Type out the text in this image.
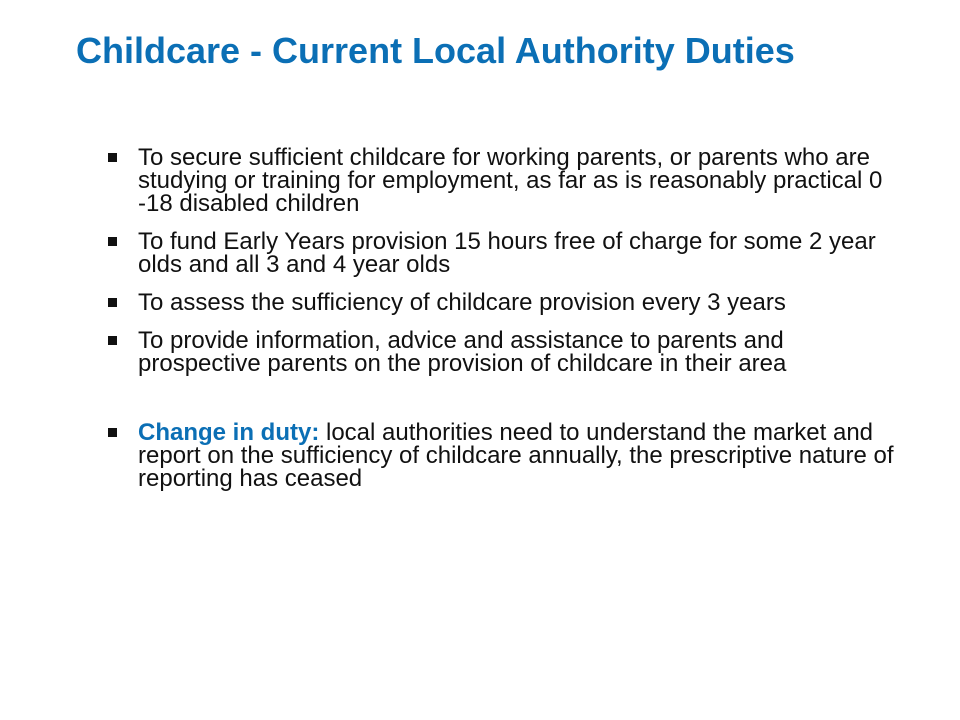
Childcare - Current Local Authority Duties
To secure sufficient childcare for working parents, or parents who are studying or training for employment, as far as is reasonably practical 0 -18 disabled children
To fund Early Years provision 15 hours free of charge for some 2 year olds and all 3 and 4 year olds
To assess the sufficiency of childcare provision every 3 years
To provide information, advice and assistance to parents and prospective parents on the provision of childcare in their area
Change in duty: local authorities need to understand the market and report on the sufficiency of childcare annually, the prescriptive nature of reporting has ceased
